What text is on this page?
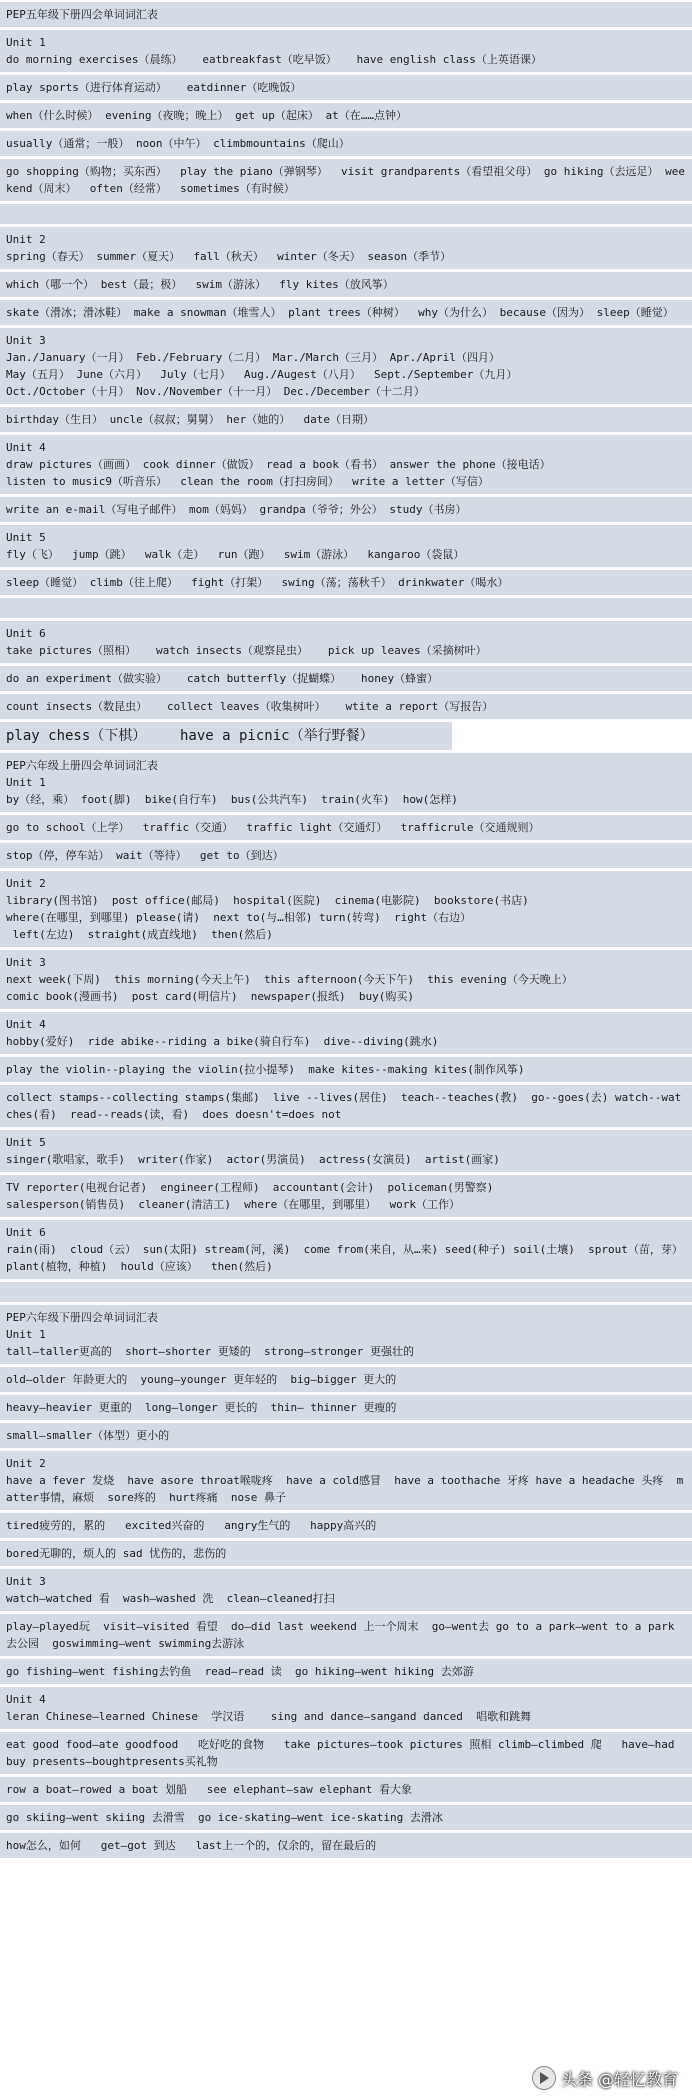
PEP五年级下册四会单词词汇表
Unit 1
do morning exercises（晨练）   eatbreakfast（吃早饭）   have english class（上英语课）
play sports（进行体育运动）   eatdinner（吃晚饭）
when（什么时候） evening（夜晚；晚上） get up（起床） at（在……点钟）
usually（通常；一般） noon（中午） climbmountains（爬山）
go shopping（购物；买东西）  play the piano（弹钢琴）  visit grandparents（看望祖父母） go hiking（去远足） weekend（周末）  often（经常）  sometimes（有时候）
Unit 2
spring（春天） summer（夏天）  fall（秋天）  winter（冬天） season（季节）
which（哪一个） best（最；极）  swim（游泳）  fly kites（放风筝）
skate（滑冰；滑冰鞋） make a snowman（堆雪人） plant trees（种树）  why（为什么） because（因为） sleep（睡觉）
Unit 3
Jan./January（一月） Feb./February（二月） Mar./March（三月） Apr./April（四月）
May（五月） June（六月）  July（七月）  Aug./Augest（八月）  Sept./September（九月）
Oct./October（十月） Nov./November（十一月） Dec./December（十二月）
birthday（生日） uncle（叔叔；舅舅） her（她的）  date（日期）
Unit 4
draw pictures（画画） cook dinner（做饭） read a book（看书） answer the phone（接电话）
listen to music9（听音乐）  clean the room（打扫房间）  write a letter（写信）
write an e-mail（写电子邮件） mom（妈妈） grandpa（爷爷；外公） study（书房）
Unit 5
fly（飞）  jump（跳）  walk（走）  run（跑）  swim（游泳）  kangaroo（袋鼠）
sleep（睡觉） climb（往上爬）  fight（打架）  swing（荡；荡秋千） drinkwater（喝水）
Unit 6
take pictures（照相）   watch insects（观察昆虫）   pick up leaves（采摘树叶）
do an experiment（做实验）   catch butterfly（捉蝴蝶）   honey（蜂蜜）
count insects（数昆虫）   collect leaves（收集树叶）   wtite a report（写报告）
play chess（下棋）    have a picnic（举行野餐）
PEP六年级上册四会单词词汇表
Unit 1
by（经，乘） foot(脚)  bike(自行车)  bus(公共汽车)  train(火车)  how(怎样)
go to school（上学）  traffic（交通）  traffic light（交通灯）  trafficrule（交通规则）
stop（停，停车站） wait（等待）  get to（到达）
Unit 2
library(图书馆)  post office(邮局)  hospital(医院)  cinema(电影院)  bookstore(书店)
where(在哪里，到哪里) please(请)  next to(与…相邻) turn(转弯)  right（右边）
left(左边)  straight(成直线地)  then(然后)
Unit 3
next week(下周)  this morning(今天上午)  this afternoon(今天下午)  this evening（今天晚上）
comic book(漫画书)  post card(明信片)  newspaper(报纸)  buy(购买)
Unit 4
hobby(爱好)  ride abike--riding a bike(骑自行车)  dive--diving(跳水)
play the violin--playing the violin(拉小提琴)  make kites--making kites(制作风筝)
collect stamps--collecting stamps(集邮)  live --lives(居住)  teach--teaches(教)  go--goes(去) watch--watches(看)  read--reads(读，看)  does doesn't=does not
Unit 5
singer(歌唱家，歌手)  writer(作家)  actor(男演员)  actress(女演员)  artist(画家)
TV reporter(电视台记者)  engineer(工程师)  accountant(会计)  policeman(男警察)
salesperson(销售员)  cleaner(清洁工)  where（在哪里，到哪里）  work（工作）
Unit 6
rain(雨)  cloud（云） sun(太阳) stream(河，溪)  come from(来自，从…来) seed(种子) soil(土壤)  sprout（苗，芽） plant(植物，种植)  hould（应该）  then(然后)
PEP六年级下册四会单词词汇表
Unit 1
tall—taller更高的  short—shorter 更矮的  strong—stronger 更强壮的
old—older 年龄更大的  young—younger 更年轻的  big—bigger 更大的
heavy—heavier 更重的  long—longer 更长的  thin— thinner 更瘦的
small—smaller（体型）更小的
Unit 2
have a fever 发烧  have asore throat喉咙疼  have a cold感冒  have a toothache 牙疼 have a headache 头疼  matter事情，麻烦  sore疼的  hurt疼痛  nose 鼻子
tired疲劳的，累的   excited兴奋的   angry生气的   happy高兴的
bored无聊的，烦人的 sad 忧伤的，悲伤的
Unit 3
watch—watched 看  wash—washed 洗  clean—cleaned打扫
play—played玩  visit—visited 看望  do—did last weekend 上一个周末  go—went去 go to a park—went to a park 去公园  goswimming—went swimming去游泳
go fishing—went fishing去钓鱼  read—read 读  go hiking—went hiking 去郊游
Unit 4
leran Chinese—learned Chinese  学汉语    sing and dance—sangand danced  唱歌和跳舞
eat good food—ate goodfood   吃好吃的食物   take pictures—took pictures 照相 climb—climbed 爬   have—had buy presents—boughtpresents买礼物
row a boat—rowed a boat 划船   see elephant—saw elephant 看大象
go skiing—went skiing 去滑雪  go ice-skating—went ice-skating 去滑冰
how怎么，如何   get—got 到达   last上一个的，仅余的，留在最后的
头条 @轻忆教育
